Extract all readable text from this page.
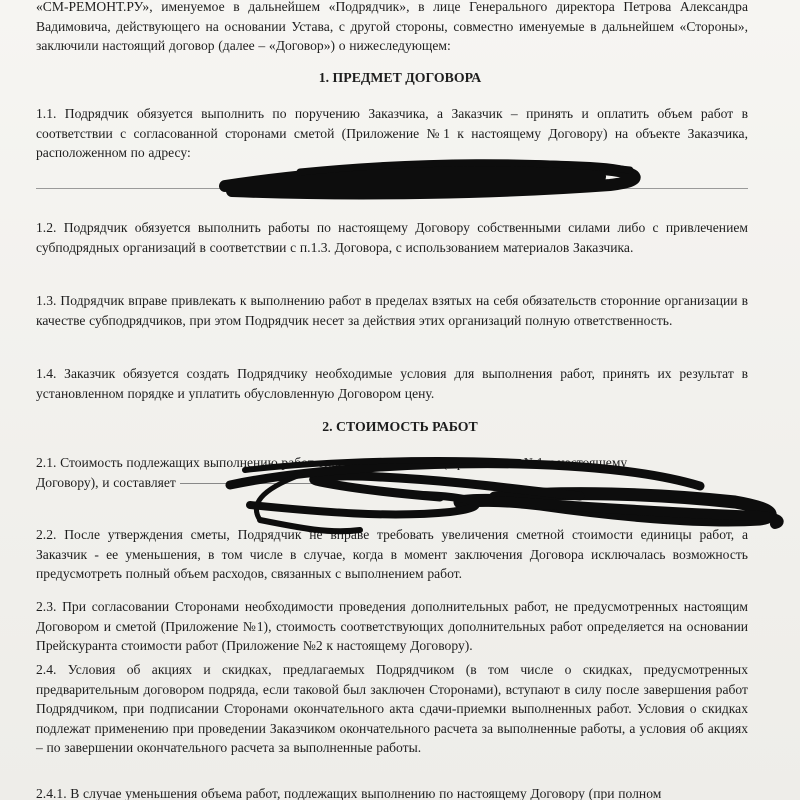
«СМ-РЕМОНТ.РУ», именуемое в дальнейшем «Подрядчик», в лице Генерального директора Петрова Александра Вадимовича, действующего на основании Устава, с другой стороны, совместно именуемые в дальнейшем «Стороны», заключили настоящий договор (далее – «Договор») о нижеследующем:

1. ПРЕДМЕТ ДОГОВОРА

1.1. Подрядчик обязуется выполнить по поручению Заказчика, а Заказчик – принять и оплатить объем работ в соответствии с согласованной сторонами сметой (Приложение №1 к настоящему Договору) на объекте Заказчика, расположенном по адресу:

1.2. Подрядчик обязуется выполнить работы по настоящему Договору собственными силами либо с привлечением субподрядных организаций в соответствии с п.1.3. Договора, с использованием материалов Заказчика.

1.3. Подрядчик вправе привлекать к выполнению работ в пределах взятых на себя обязательств сторонние организации в качестве субподрядчиков, при этом Подрядчик несет за действия этих организаций полную ответственность.

1.4. Заказчик обязуется создать Подрядчику необходимые условия для выполнения работ, принять их результат в установленном порядке и уплатить обусловленную Договором цену.

2. СТОИМОСТЬ РАБОТ

2.1. Стоимость подлежащих выполнению работ определяется сметой (Приложение №1 к настоящему
Договору), и составляет

2.2. После утверждения сметы, Подрядчик не вправе требовать увеличения сметной стоимости единицы работ, а Заказчик - ее уменьшения, в том числе в случае, когда в момент заключения Договора исключалась возможность предусмотреть полный объем расходов, связанных с выполнением работ.

2.3. При согласовании Сторонами необходимости проведения дополнительных работ, не предусмотренных настоящим Договором и сметой (Приложение №1), стоимость соответствующих дополнительных работ определяется на основании Прейскуранта стоимости работ (Приложение №2 к настоящему Договору).

2.4. Условия об акциях и скидках, предлагаемых Подрядчиком (в том числе о скидках, предусмотренных предварительным договором подряда, если таковой был заключен Сторонами), вступают в силу после завершения работ Подрядчиком, при подписании Сторонами окончательного акта сдачи-приемки выполненных работ. Условия о скидках подлежат применению при проведении Заказчиком окончательного расчета за выполненные работы, а условия об акциях – по завершении окончательного расчета за выполненные работы.

2.4.1. В случае уменьшения объема работ, подлежащих выполнению по настоящему Договору (при полном
